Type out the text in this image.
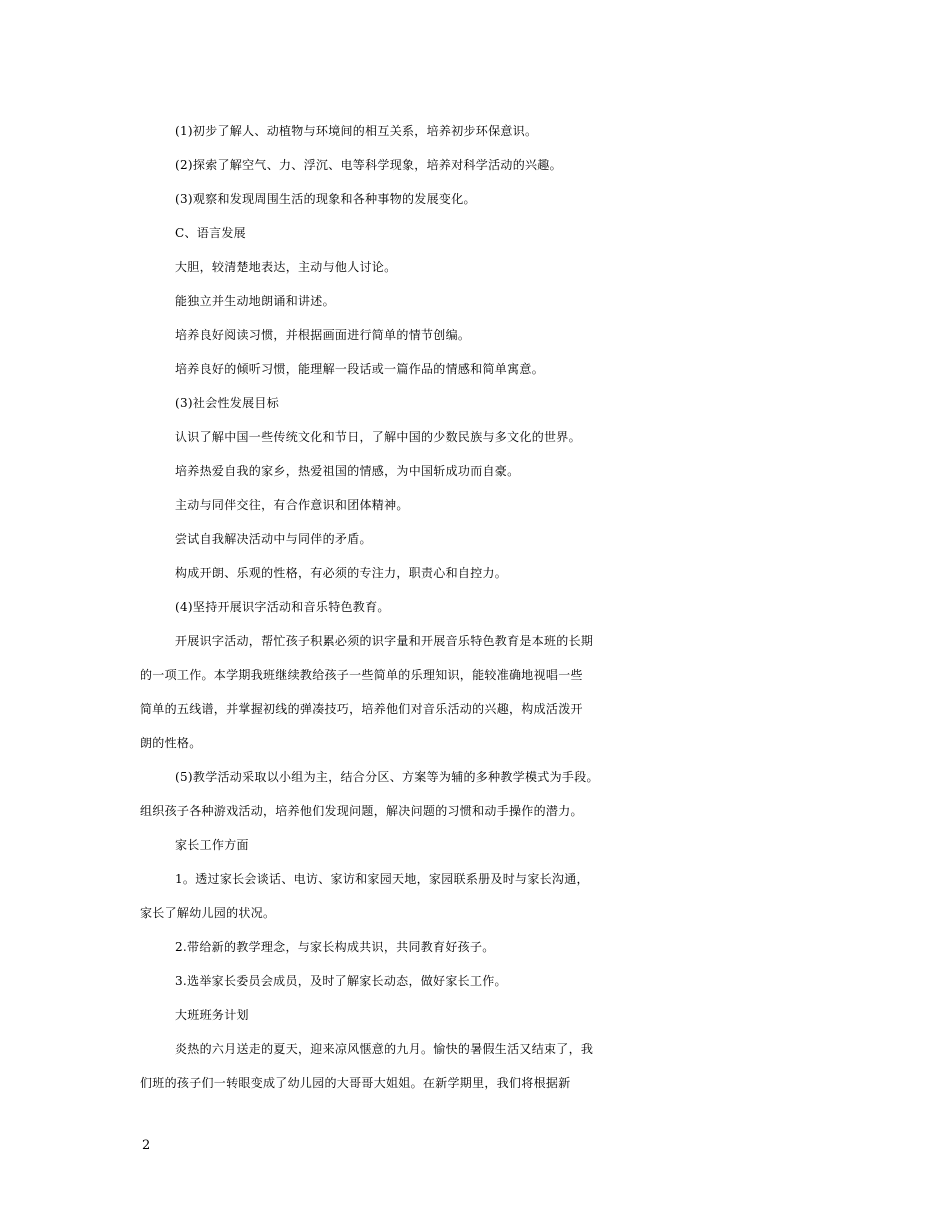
(1)初步了解人、动植物与环境间的相互关系，培养初步环保意识。
(2)探索了解空气、力、浮沉、电等科学现象，培养对科学活动的兴趣。
(3)观察和发现周围生活的现象和各种事物的发展变化。
C、语言发展
大胆，较清楚地表达，主动与他人讨论。
能独立并生动地朗诵和讲述。
培养良好阅读习惯，并根据画面进行简单的情节创编。
培养良好的倾听习惯，能理解一段话或一篇作品的情感和简单寓意。
(3)社会性发展目标
认识了解中国一些传统文化和节日，了解中国的少数民族与多文化的世界。
培养热爱自我的家乡，热爱祖国的情感，为中国斩成功而自豪。
主动与同伴交往，有合作意识和团体精神。
尝试自我解决活动中与同伴的矛盾。
构成开朗、乐观的性格，有必须的专注力，职责心和自控力。
(4)坚持开展识字活动和音乐特色教育。
开展识字活动，帮忙孩子积累必须的识字量和开展音乐特色教育是本班的长期
的一项工作。本学期我班继续教给孩子一些简单的乐理知识，能较准确地视唱一些
简单的五线谱，并掌握初线的弹凑技巧，培养他们对音乐活动的兴趣，构成活泼开
朗的性格。
(5)教学活动采取以小组为主，结合分区、方案等为辅的多种教学模式为手段。
组织孩子各种游戏活动，培养他们发现问题，解决问题的习惯和动手操作的潜力。
家长工作方面
1。透过家长会谈话、电访、家访和家园天地，家园联系册及时与家长沟通，
家长了解幼儿园的状况。
2.带给新的教学理念，与家长构成共识，共同教育好孩子。
3.选举家长委员会成员，及时了解家长动态，做好家长工作。
大班班务计划
炎热的六月送走的夏天，迎来凉风惬意的九月。愉快的暑假生活又结束了，我
们班的孩子们一转眼变成了幼儿园的大哥哥大姐姐。在新学期里，我们将根据新
2
